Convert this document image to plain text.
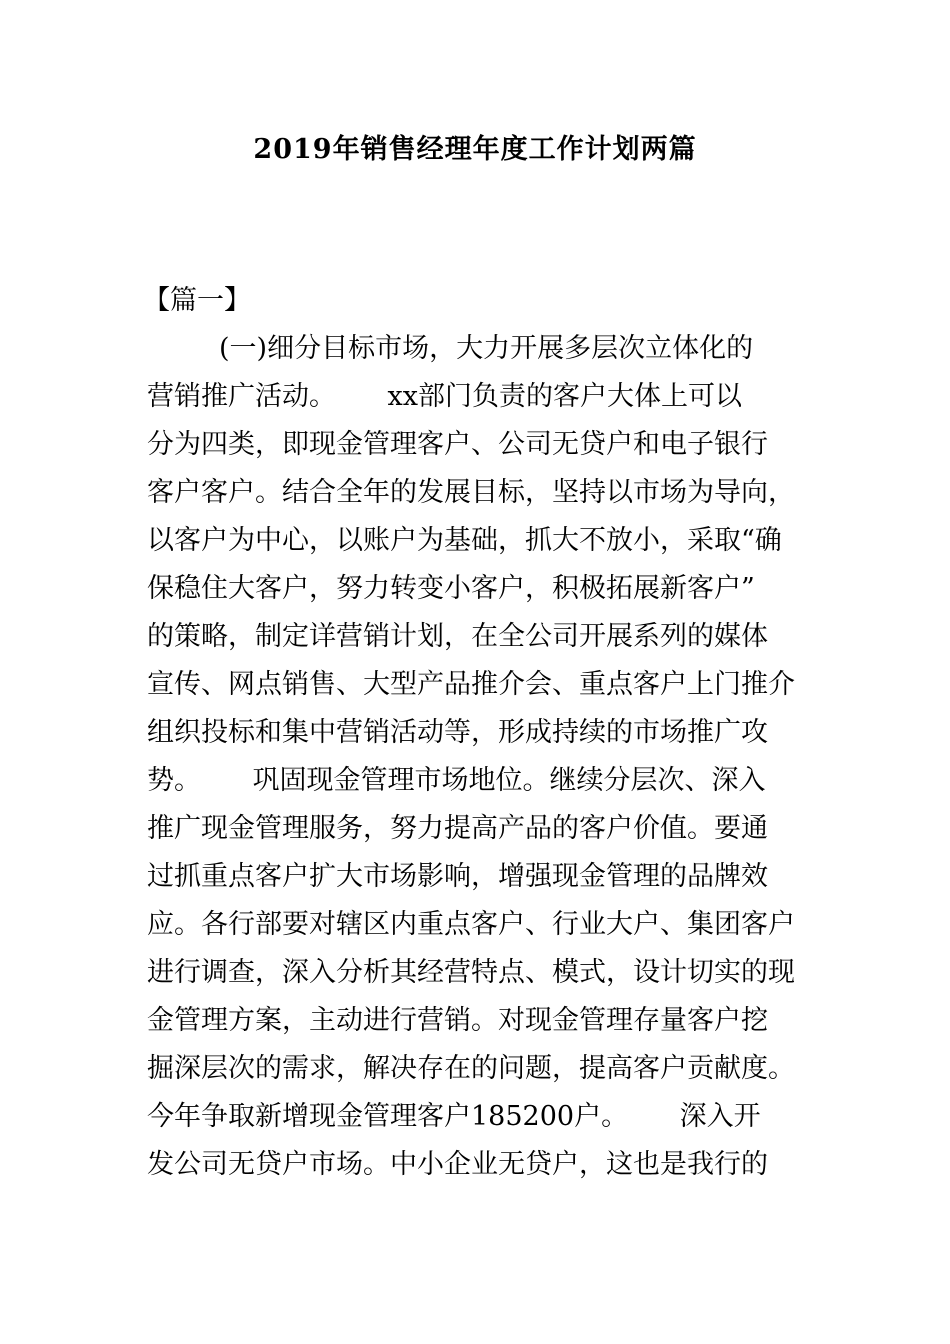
2019年销售经理年度工作计划两篇

【篇一】

(一)细分目标市场，大力开展多层次立体化的
营销推广活动。      xx部门负责的客户大体上可以
分为四类，即现金管理客户、公司无贷户和电子银行
客户客户。结合全年的发展目标，坚持以市场为导向，
以客户为中心，以账户为基础，抓大不放小，采取“确
保稳住大客户，努力转变小客户，积极拓展新客户”
的策略，制定详营销计划，在全公司开展系列的媒体
宣传、网点销售、大型产品推介会、重点客户上门推介
组织投标和集中营销活动等，形成持续的市场推广攻
势。      巩固现金管理市场地位。继续分层次、深入
推广现金管理服务，努力提高产品的客户价值。要通
过抓重点客户扩大市场影响，增强现金管理的品牌效
应。各行部要对辖区内重点客户、行业大户、集团客户
进行调查，深入分析其经营特点、模式，设计切实的现
金管理方案，主动进行营销。对现金管理存量客户挖
掘深层次的需求，解决存在的问题，提高客户贡献度。
今年争取新增现金管理客户185200户。      深入开
发公司无贷户市场。中小企业无贷户，这也是我行的
